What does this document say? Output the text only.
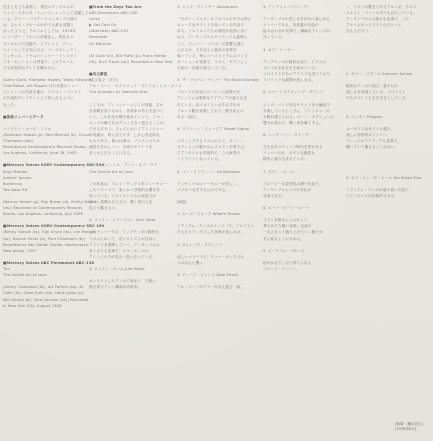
先生ともども演奏し、現在ロサンゼルスの

ジャズ・スタジオ・ミュージシャンとして活躍して

いる。ビリー・バウアーとバッキングの様子

は、ジャズ・グルームの中でも最も話題と

なったようだ。アルバムとしては、1974年

にリーダー・アルバムを録音し、現在もロ

サンゼルスで活動中。ピアニスト、アレン

ジャーとしても知られる。ベースのレッド・

ミッチェル、ドラムのシェリー・マンとのト

リオ・セッションは秀逸で、このアルバム

でも印象的なプレイを聴かせる。

Sonny Clark, Hampton Hawes, Teddy Edwards,

Chet Baker, Art Pepper ほか多数のミュー

ジシャンとの共演を重ね、ウエスト・コースト

の代表的プレイヤーとして知られるように

なった。

■演奏メンバーとデータ

ハンプトン・ホーズ・トリオ

(Hampton Hawes (p), Red Mitchell (b), Chuck

Thompson (ds))

Recorded at Contemporary Records Studio,

Los Angeles, California, June 28, 1955

■Mercury Voices SORC-Contemporary SRC 130

Easy Mambo

Jumpin' Jacque

Buttercup

Two Bass Hit

(Barney Kessel (g), Ray Brown (b), Shelly Manne

(ds)) Recorded at Contemporary Records

Studio, Los Angeles, California, July 1956

■Mercury Voices SORC-Contemporary SRC 100

(Benny Golson (ts), Gigi Gryce (as), Lee Morgan

(tp), Horace Silver (p), Paul Chambers (b))

Recorded at Van Gelder Studio, Hackensack,

New Jersey, 1957

■Mercury Voices ABC Paramount ABC-136

Tim

The Gentle Art of Love

(Jimmy Cleveland (tb), Art Farmer (tp), Al

Cohn (ts), Gene Quill (as), Hank Jones (p),

Milt Hinton (b), Osie Johnson (ds)) Recorded

in New York City, August 1956

■From the Days You Are

ABC-Paramount ABC-138

Lucky

▶ Get Cool On

(Alternate) ABC-139

Serenade

Lili Marlene

(Al Cohn (ts), Bill Potts (p), Frank Rehak

(tb), Nick Travis (tp)) Recorded in New York

■英文解説

(英文原文・訳文)

アル・コーン・セクステット・プレイズ・ビル・ポッツ

The Arranger As Featured Star

ここでは、アレンジャーとしての役割、その

音楽観を語りながら、作曲家の考えを述べて

いく。この作品を聴き進めていくと、ビル・

ポッツの魅力を余すところなく感じることが

できるだろう。ジャズにおいてアレンジャー

の役割は、時に目立たず、しかし決定的な

ものである。彼の仕事は、ソリストたちの

個性を生かしつつ、全体のサウンドを

まとめ上げることにある。

2. ザ・ジェントル・アート・オブ・ラブ

The Gentle Art of Love

この作品は、アルト・サックスをフィーチャー

したバラードで、柔らかく抒情的な響きを

持っている。ソロイストたちの表現力が

存分に発揮されており、聴く者の心を

捉えて離さない。

3. ファイン・ステーツマン Fine State

このナンバーでは、アップテンポの軽快な

リズムにのって、各ソロイストが自由に

アドリブを展開していく。アンサンブルの

まとまりも見事で、ビル・ポッツの

アレンジの才が光る一曲となっている。

4. ジャスト・ホーム Just Home

ゆったりとしたテンポで始まり、次第に

熱を帯びていく構成が印象的。

2. ジャズ・プレイヤー Saxophone

「モダン・ジャズ」のアルバムの中でも特に

ユニークなサウンドを持っている作品で

ある。ソロイストたちの個性が前面に出て

おり、アンサンブルとのバランスも素晴ら

しい。ジェリー・マリガンの影響も感じ

られるが、それ以上に独自の世界を

築いている。特にベースとドラムのコンビ

ネーションが見事で、リズム・セクション

全体の一体感が際立っている。

3. ザ・ブルース・ナンバー The Blues Number

ブルースの形式にのっとった演奏だが、

アレンジには斬新なアイディアが盛り込ま

れている。各ソロイストがそれぞれの

ブルース観を表現しており、聴き応えの

ある一曲だ。

4. スウィート・ジョージア Sweet Signal

スウィングするリズムの上で、ホーン・

セクションが軽やかにメロディを奏でる。

ピアノのソロも印象的で、この演奏の

ハイライトとなっている。

5. ゴー・ビトウィーン Go Between

アンサンブルのハーモニーが美しく、

ソロのつなぎ方も巧みである。

[B面]

1. ルーズ・ウォーク What's Tempo

ミディアム・テンポのナンバーで、ソロイスト

たちのリラックスした演奏が楽しめる。

2. サムシング・スウィート

美しいバラードで、テナー・サックスの

ソロが心に響く。

3. ディーア・ジャンボ Dear Pencil

アル・コーンのテナーが冴え渡る一曲。

3. インテリュード(インテ)

アンサンブルの美しさを存分に楽しめる

ナンバーである。各楽器の音色の

組み合わせが見事で、繊細なアレンジが

光っている。

4. オラ・ソーセー

アップテンポの軽快な曲で、ドラムの

プレイが全体を引き締めている。

ソロイストたちのアドリブも冴えており、

スリリングな展開が楽しめる。

5. スマートでスウィング・サウンド

ビッグ・バンド的なサウンドを小編成で

実現しているところに、アレンジャーの

手腕が感じられる。ホーン・セクションの

響きが豊かで、聴く者を魅了する。

6. ヘンダーソン・ストンプ

古き良きスウィング時代を思わせる

ナンバーだが、モダンな感覚も

随所に盛り込まれている。

7. ダウン・ホーム

ブルージーな雰囲気の漂う作品で、

アンサンブルとソロの対比が

見事である。

8. ロード・ボーイ・ロード

ラストを飾るにふさわしい、

華やかで力強い演奏。全員が

一丸となって盛り上げていく様子が

手に取るようにわかる。

9. ピースフル・ブルース

穏やかなテンポで奏でられる

ブルース・ナンバー。

ー、ラストの響きであるアルトが、そのコ

ロイスト・パートの中でも目立っている。

アンサンブルとの絡みも見事で、この

アルバムのハイライトのひとつと

言えるだろう。

2. サマー・スクール Summer School

軽快なテンポの曲で、夏の日の

楽しさを表現している。ソロイスト

たちのプレイも生き生きとしている。

3. ペンギン Penguin

ユーモラスなタイトル通り、

楽しい雰囲気のナンバー。

アレンジのアイディアも豊富で、

聴いていて飽きることがない。

4. ボブ・イン・ザ・ホール Tea Break Fine

ミディアム・テンポの落ち着いた曲で、

ピアノのソロが印象的である。

(執筆：瀬川昌久)
(1978年6月)
